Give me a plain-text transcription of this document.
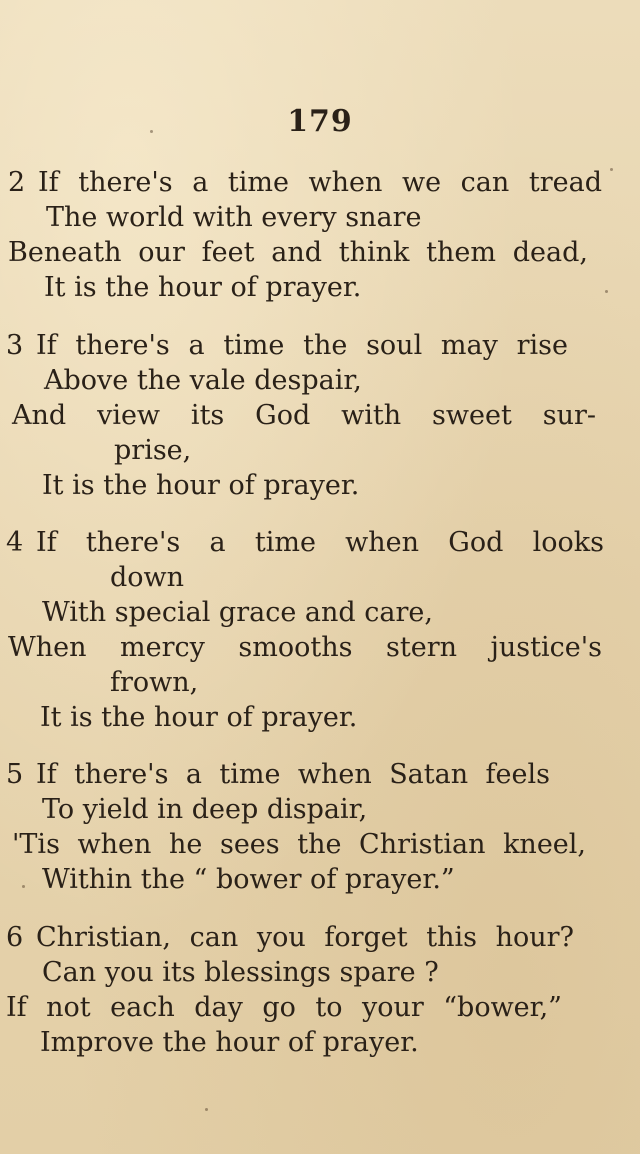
179
2 If there's a time when we can tread
The world with every snare
Beneath our feet and think them dead,
It is the hour of prayer.
3 If there's a time the soul may rise
Above the vale despair,
And view its God with sweet sur-
prise,
It is the hour of prayer.
4 If there's a time when God looks
down
With special grace and care,
When mercy smooths stern justice's
frown,
It is the hour of prayer.
5 If there's a time when Satan feels
To yield in deep dispair,
'Tis when he sees the Christian kneel,
Within the “ bower of prayer.”
6 Christian, can you forget this hour?
Can you its blessings spare ?
If not each day go to your “bower,”
Improve the hour of prayer.
